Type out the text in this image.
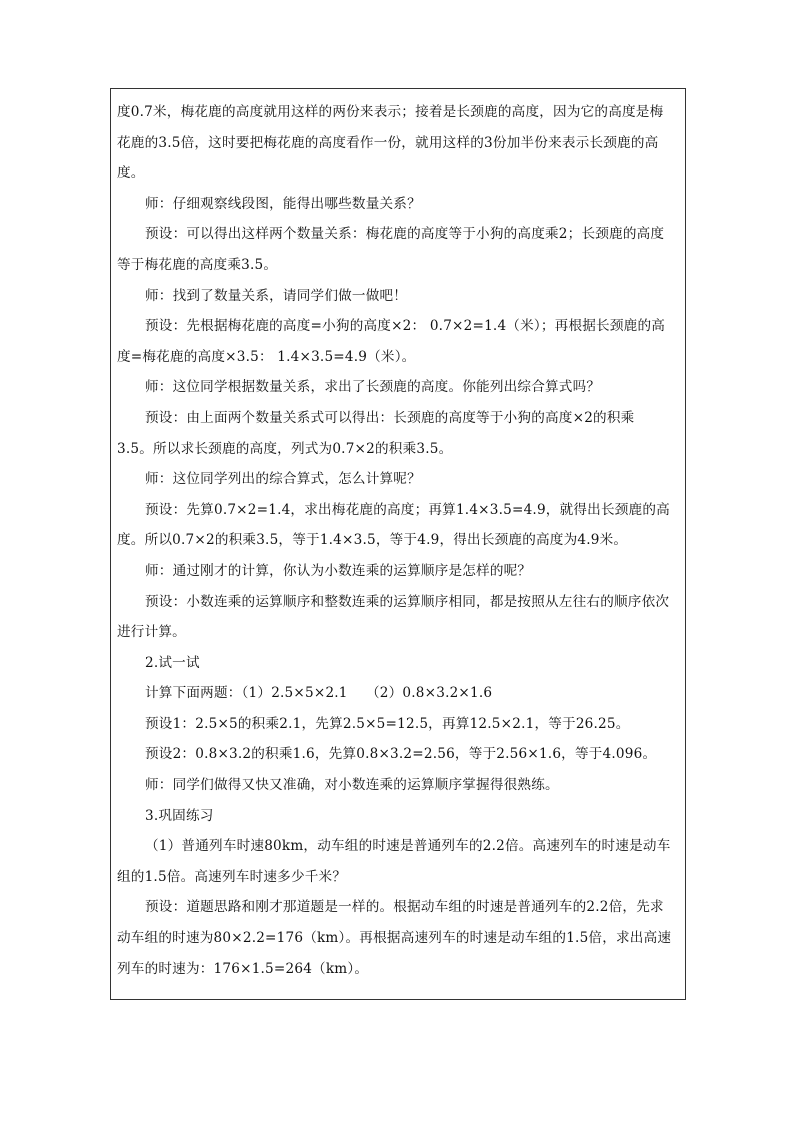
度0.7米，梅花鹿的高度就用这样的两份来表示；接着是长颈鹿的高度，因为它的高度是梅
花鹿的3.5倍，这时要把梅花鹿的高度看作一份，就用这样的3份加半份来表示长颈鹿的高
度。
师：仔细观察线段图，能得出哪些数量关系？
预设：可以得出这样两个数量关系：梅花鹿的高度等于小狗的高度乘2；长颈鹿的高度
等于梅花鹿的高度乘3.5。
师：找到了数量关系，请同学们做一做吧！
预设：先根据梅花鹿的高度=小狗的高度×2： 0.7×2=1.4（米）；再根据长颈鹿的高
度=梅花鹿的高度×3.5： 1.4×3.5=4.9（米）。
师：这位同学根据数量关系，求出了长颈鹿的高度。你能列出综合算式吗？
预设：由上面两个数量关系式可以得出：长颈鹿的高度等于小狗的高度×2的积乘
3.5。所以求长颈鹿的高度，列式为0.7×2的积乘3.5。
师：这位同学列出的综合算式，怎么计算呢？
预设：先算0.7×2=1.4，求出梅花鹿的高度；再算1.4×3.5=4.9，就得出长颈鹿的高
度。所以0.7×2的积乘3.5，等于1.4×3.5，等于4.9，得出长颈鹿的高度为4.9米。
师：通过刚才的计算，你认为小数连乘的运算顺序是怎样的呢？
预设：小数连乘的运算顺序和整数连乘的运算顺序相同，都是按照从左往右的顺序依次
进行计算。
2.试一试
计算下面两题：（1）2.5×5×2.1　 （2）0.8×3.2×1.6
预设1：2.5×5的积乘2.1，先算2.5×5=12.5，再算12.5×2.1，等于26.25。
预设2：0.8×3.2的积乘1.6，先算0.8×3.2=2.56，等于2.56×1.6，等于4.096。
师：同学们做得又快又准确，对小数连乘的运算顺序掌握得很熟练。
3.巩固练习
（1）普通列车时速80km，动车组的时速是普通列车的2.2倍。高速列车的时速是动车
组的1.5倍。高速列车时速多少千米？
预设：道题思路和刚才那道题是一样的。根据动车组的时速是普通列车的2.2倍，先求
动车组的时速为80×2.2=176（km）。再根据高速列车的时速是动车组的1.5倍，求出高速
列车的时速为：176×1.5=264（km）。
